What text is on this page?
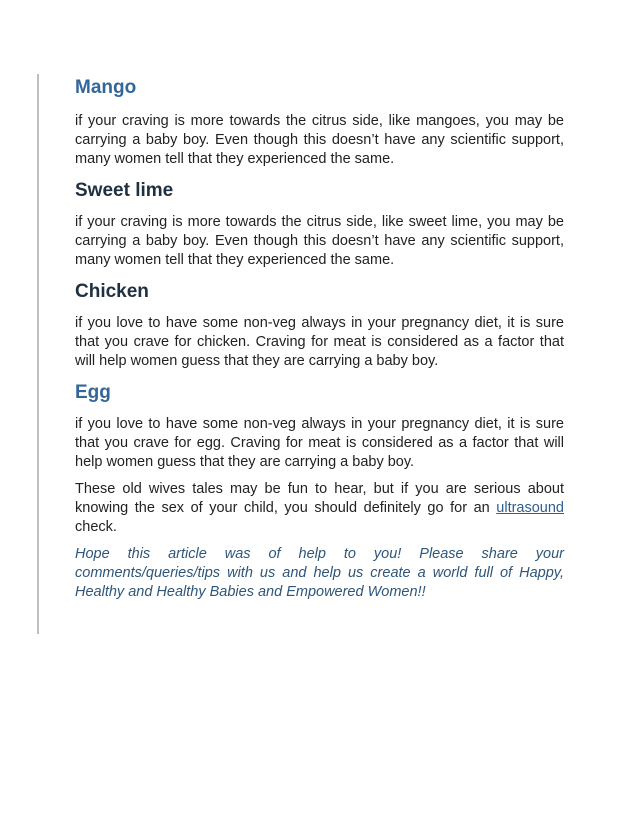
Mango

if your craving is more towards the citrus side, like mangoes, you may be carrying a baby boy. Even though this doesn’t have any scientific support, many women tell that they experienced the same.

Sweet lime

if your craving is more towards the citrus side, like sweet lime, you may be carrying a baby boy. Even though this doesn’t have any scientific support, many women tell that they experienced the same.

Chicken

if you love to have some non-veg always in your pregnancy diet, it is sure that you crave for chicken. Craving for meat is considered as a factor that will help women guess that they are carrying a baby boy.

Egg

if you love to have some non-veg always in your pregnancy diet, it is sure that you crave for egg. Craving for meat is considered as a factor that will help women guess that they are carrying a baby boy.

These old wives tales may be fun to hear, but if you are serious about knowing the sex of your child, you should definitely go for an ultrasound check.

Hope this article was of help to you! Please share your comments/queries/tips with us and help us create a world full of Happy, Healthy and Healthy Babies and Empowered Women!!
